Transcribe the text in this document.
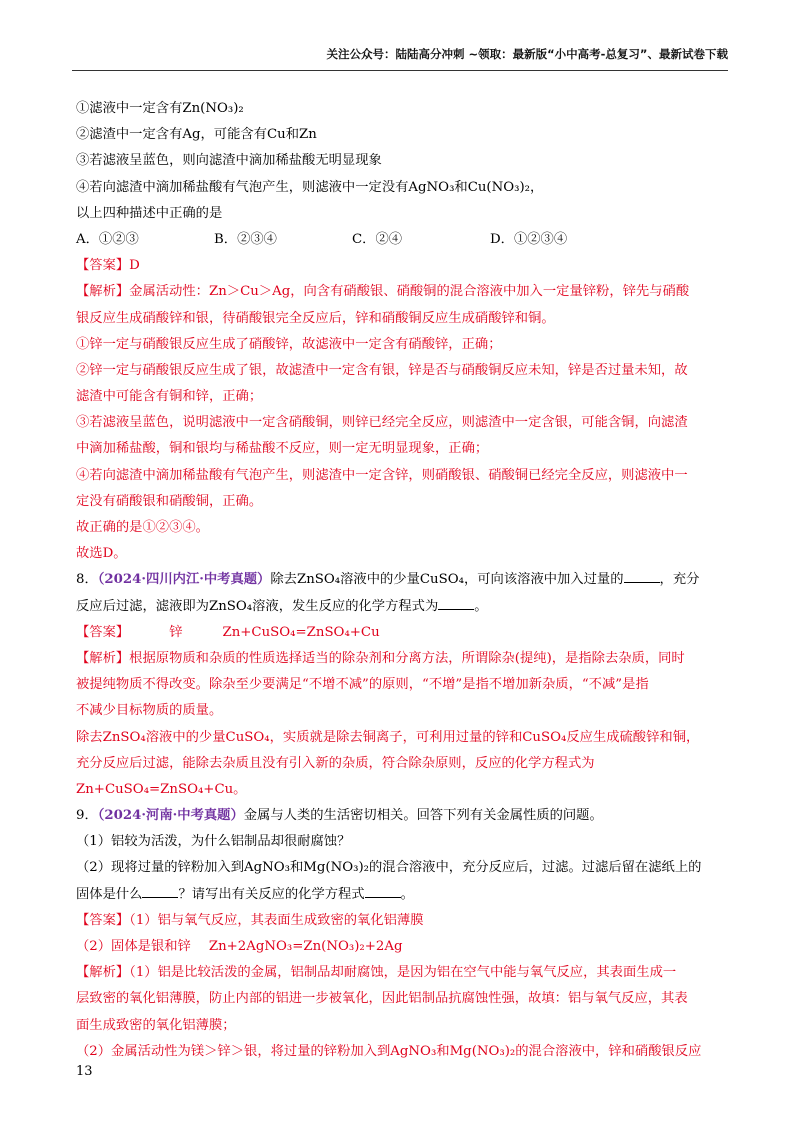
关注公众号：陆陆高分冲刺 ~领取：最新版“小中高考-总复习”、最新试卷下载
①滤液中一定含有Zn(NO₃)₂
②滤渣中一定含有Ag，可能含有Cu和Zn
③若滤液呈蓝色，则向滤渣中滴加稀盐酸无明显现象
④若向滤渣中滴加稀盐酸有气泡产生，则滤液中一定没有AgNO₃和Cu(NO₃)₂，
以上四种描述中正确的是
A．①②③	B．②③④	C．②④	D．①②③④
【答案】D
【解析】金属活动性：Zn＞Cu＞Ag，向含有硝酸银、硝酸铜的混合溶液中加入一定量锌粉，锌先与硝酸
银反应生成硝酸锌和银，待硝酸银完全反应后，锌和硝酸铜反应生成硝酸锌和铜。
①锌一定与硝酸银反应生成了硝酸锌，故滤液中一定含有硝酸锌，正确；
②锌一定与硝酸银反应生成了银，故滤渣中一定含有银，锌是否与硝酸铜反应未知，锌是否过量未知，故
滤渣中可能含有铜和锌，正确；
③若滤液呈蓝色，说明滤液中一定含硝酸铜，则锌已经完全反应，则滤渣中一定含银，可能含铜，向滤渣
中滴加稀盐酸，铜和银均与稀盐酸不反应，则一定无明显现象，正确；
④若向滤渣中滴加稀盐酸有气泡产生，则滤渣中一定含锌，则硝酸银、硝酸铜已经完全反应，则滤液中一
定没有硝酸银和硝酸铜，正确。
故正确的是①②③④。
故选D。
8．（2024·四川内江·中考真题）除去ZnSO₄溶液中的少量CuSO₄，可向该溶液中加入过量的	，充分
反应后过滤，滤液即为ZnSO₄溶液，发生反应的化学方程式为	。
【答案】	锌	Zn+CuSO₄=ZnSO₄+Cu
【解析】根据原物质和杂质的性质选择适当的除杂剂和分离方法，所谓除杂(提纯)，是指除去杂质，同时
被提纯物质不得改变。除杂至少要满足“不增不减”的原则，“不增”是指不增加新杂质，“不减”是指
不减少目标物质的质量。
除去ZnSO₄溶液中的少量CuSO₄，实质就是除去铜离子，可利用过量的锌和CuSO₄反应生成硫酸锌和铜，
充分反应后过滤，能除去杂质且没有引入新的杂质，符合除杂原则，反应的化学方程式为
Zn+CuSO₄=ZnSO₄+Cu。
9．（2024·河南·中考真题）金属与人类的生活密切相关。回答下列有关金属性质的问题。
（1）铝较为活泼，为什么铝制品却很耐腐蚀？
（2）现将过量的锌粉加入到AgNO₃和Mg(NO₃)₂的混合溶液中，充分反应后，过滤。过滤后留在滤纸上的
固体是什么	？请写出有关反应的化学方程式	。
【答案】（1）铝与氧气反应，其表面生成致密的氧化铝薄膜
（2）固体是银和锌 Zn+2AgNO₃=Zn(NO₃)₂+2Ag
【解析】（1）铝是比较活泼的金属，铝制品却耐腐蚀，是因为铝在空气中能与氧气反应，其表面生成一
层致密的氧化铝薄膜，防止内部的铝进一步被氧化，因此铝制品抗腐蚀性强，故填：铝与氧气反应，其表
面生成致密的氧化铝薄膜；
（2）金属活动性为镁＞锌＞银，将过量的锌粉加入到AgNO₃和Mg(NO₃)₂的混合溶液中，锌和硝酸银反应
13
